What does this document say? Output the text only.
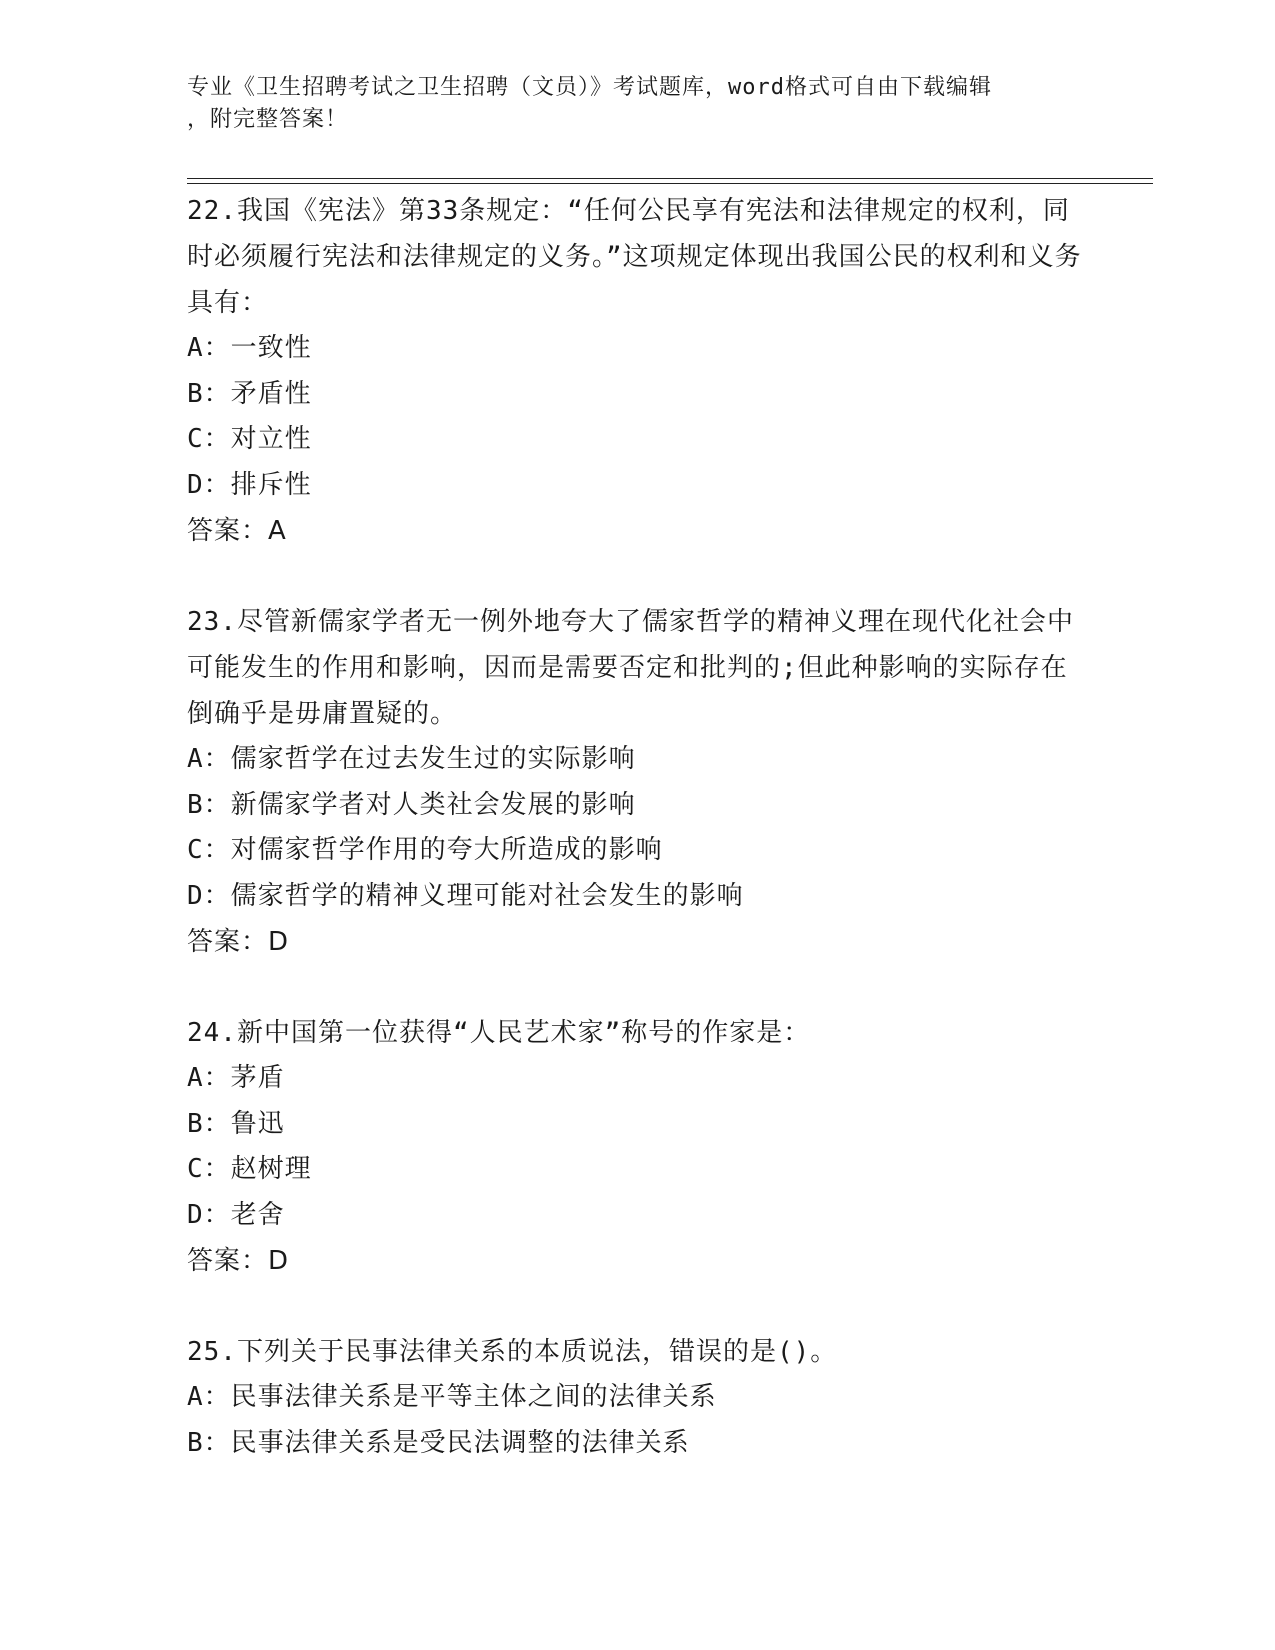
专业《卫生招聘考试之卫生招聘（文员）》考试题库，word格式可自由下载编辑
，附完整答案！

22.我国《宪法》第33条规定：“任何公民享有宪法和法律规定的权利，同时必须履行宪法和法律规定的义务。”这项规定体现出我国公民的权利和义务具有：

A：一致性

B：矛盾性

C：对立性

D：排斥性

答案：A

23.尽管新儒家学者无一例外地夸大了儒家哲学的精神义理在现代化社会中可能发生的作用和影响，因而是需要否定和批判的;但此种影响的实际存在倒确乎是毋庸置疑的。

A：儒家哲学在过去发生过的实际影响

B：新儒家学者对人类社会发展的影响

C：对儒家哲学作用的夸大所造成的影响

D：儒家哲学的精神义理可能对社会发生的影响

答案：D

24.新中国第一位获得“人民艺术家”称号的作家是：

A：茅盾

B：鲁迅

C：赵树理

D：老舍

答案：D

25.下列关于民事法律关系的本质说法，错误的是()。

A：民事法律关系是平等主体之间的法律关系

B：民事法律关系是受民法调整的法律关系
